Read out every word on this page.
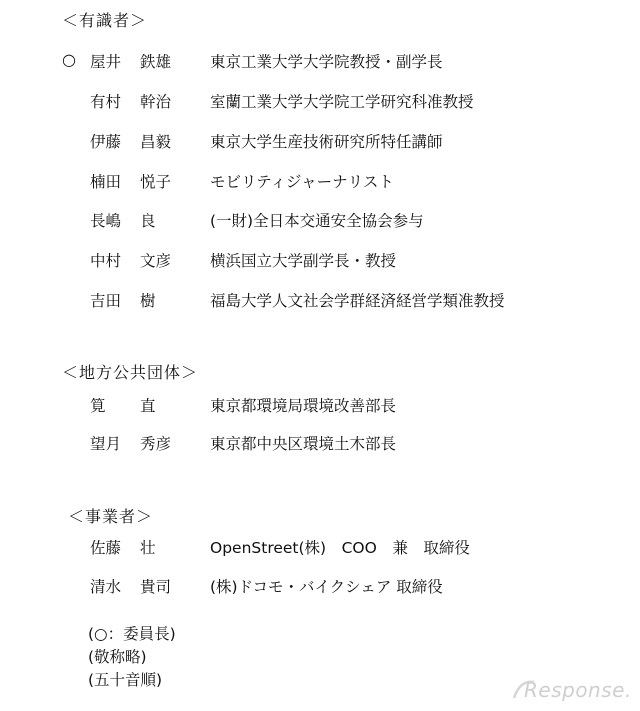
＜有識者＞
○ 屋井 鉄雄	東京工業大学大学院教授・副学長
有村 幹治	室蘭工業大学大学院工学研究科准教授
伊藤 昌毅	東京大学生産技術研究所特任講師
楠田 悦子	モビリティジャーナリスト
長嶋 良	(一財)全日本交通安全協会参与
中村 文彦	横浜国立大学副学長・教授
吉田 樹	福島大学人文社会学群経済経営学類准教授
＜地方公共団体＞
筧 直	東京都環境局環境改善部長
望月 秀彦	東京都中央区環境土木部長
＜事業者＞
佐藤 壮	OpenStreet(株)　COO　兼　取締役
清水 貴司	(株)ドコモ・バイクシェア 取締役
(○：委員長)
(敬称略)
(五十音順)	Response.
